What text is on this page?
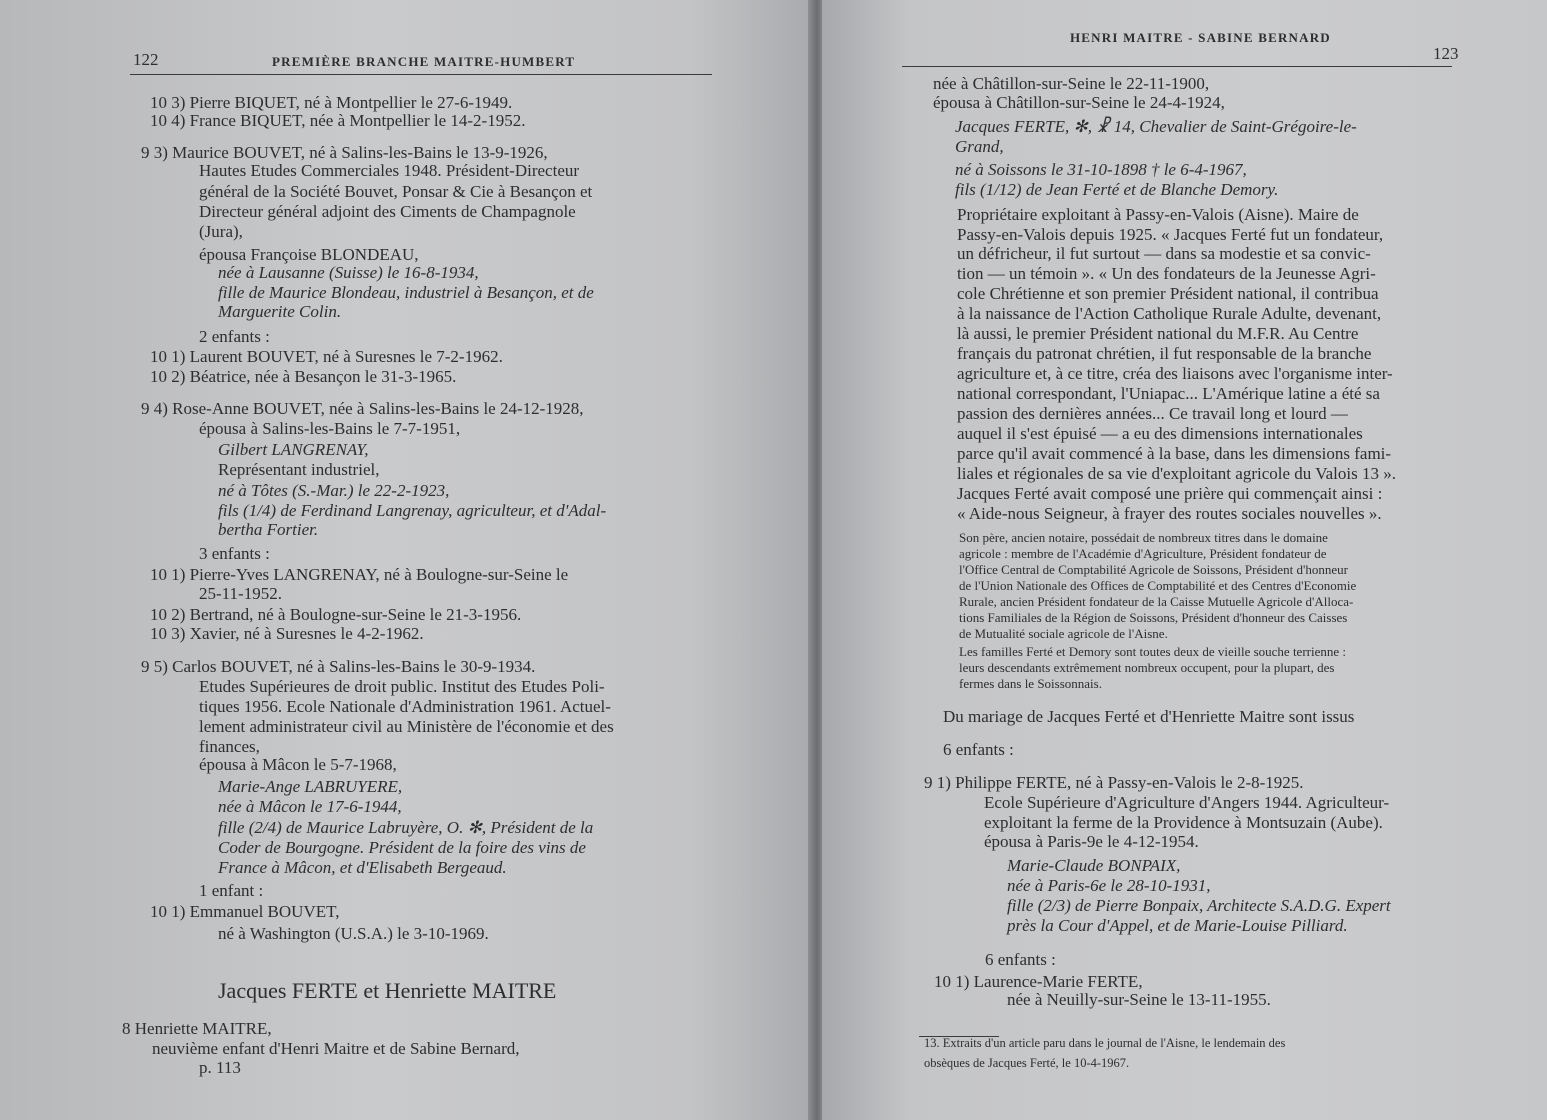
122	PREMIÈRE BRANCHE MAITRE-HUMBERT
10 3) Pierre BIQUET, né à Montpellier le 27-6-1949.
10 4) France BIQUET, née à Montpellier le 14-2-1952.
9 3) Maurice BOUVET, né à Salins-les-Bains le 13-9-1926,
Hautes Etudes Commerciales 1948. Président-Directeur
général de la Société Bouvet, Ponsar & Cie à Besançon et
Directeur général adjoint des Ciments de Champagnole
(Jura),
épousa Françoise BLONDEAU,
née à Lausanne (Suisse) le 16-8-1934,
fille de Maurice Blondeau, industriel à Besançon, et de
Marguerite Colin.
2 enfants :
10 1) Laurent BOUVET, né à Suresnes le 7-2-1962.
10 2) Béatrice, née à Besançon le 31-3-1965.
9 4) Rose-Anne BOUVET, née à Salins-les-Bains le 24-12-1928,
épousa à Salins-les-Bains le 7-7-1951,
Gilbert LANGRENAY,
Représentant industriel,
né à Tôtes (S.-Mar.) le 22-2-1923,
fils (1/4) de Ferdinand Langrenay, agriculteur, et d'Adal-
bertha Fortier.
3 enfants :
10 1) Pierre-Yves LANGRENAY, né à Boulogne-sur-Seine le
25-11-1952.
10 2) Bertrand, né à Boulogne-sur-Seine le 21-3-1956.
10 3) Xavier, né à Suresnes le 4-2-1962.
9 5) Carlos BOUVET, né à Salins-les-Bains le 30-9-1934.
Etudes Supérieures de droit public. Institut des Etudes Poli-
tiques 1956. Ecole Nationale d'Administration 1961. Actuel-
lement administrateur civil au Ministère de l'économie et des
finances,
épousa à Mâcon le 5-7-1968,
Marie-Ange LABRUYERE,
née à Mâcon le 17-6-1944,
fille (2/4) de Maurice Labruyère, O. ✻, Président de la
Coder de Bourgogne. Président de la foire des vins de
France à Mâcon, et d'Elisabeth Bergeaud.
1 enfant :
10 1) Emmanuel BOUVET,
né à Washington (U.S.A.) le 3-10-1969.
Jacques FERTE et Henriette MAITRE
8 Henriette MAITRE,
neuvième enfant d'Henri Maitre et de Sabine Bernard,
p. 113
HENRI MAITRE - SABINE BERNARD
123
née à Châtillon-sur-Seine le 22-11-1900,
épousa à Châtillon-sur-Seine le 24-4-1924,
Jacques FERTE, ✻, ☧ 14, Chevalier de Saint-Grégoire-le-
Grand,
né à Soissons le 31-10-1898 † le 6-4-1967,
fils (1/12) de Jean Ferté et de Blanche Demory.
Propriétaire exploitant à Passy-en-Valois (Aisne). Maire de
Passy-en-Valois depuis 1925. « Jacques Ferté fut un fondateur,
un défricheur, il fut surtout — dans sa modestie et sa convic-
tion — un témoin ». « Un des fondateurs de la Jeunesse Agri-
cole Chrétienne et son premier Président national, il contribua
à la naissance de l'Action Catholique Rurale Adulte, devenant,
là aussi, le premier Président national du M.F.R. Au Centre
français du patronat chrétien, il fut responsable de la branche
agriculture et, à ce titre, créa des liaisons avec l'organisme inter-
national correspondant, l'Uniapac... L'Amérique latine a été sa
passion des dernières années... Ce travail long et lourd —
auquel il s'est épuisé — a eu des dimensions internationales
parce qu'il avait commencé à la base, dans les dimensions fami-
liales et régionales de sa vie d'exploitant agricole du Valois 13 ».
Jacques Ferté avait composé une prière qui commençait ainsi :
« Aide-nous Seigneur, à frayer des routes sociales nouvelles ».
Son père, ancien notaire, possédait de nombreux titres dans le domaine
agricole : membre de l'Académie d'Agriculture, Président fondateur de
l'Office Central de Comptabilité Agricole de Soissons, Président d'honneur
de l'Union Nationale des Offices de Comptabilité et des Centres d'Economie
Rurale, ancien Président fondateur de la Caisse Mutuelle Agricole d'Alloca-
tions Familiales de la Région de Soissons, Président d'honneur des Caisses
de Mutualité sociale agricole de l'Aisne.
Les familles Ferté et Demory sont toutes deux de vieille souche terrienne :
leurs descendants extrêmement nombreux occupent, pour la plupart, des
fermes dans le Soissonnais.
Du mariage de Jacques Ferté et d'Henriette Maitre sont issus
6 enfants :
9 1) Philippe FERTE, né à Passy-en-Valois le 2-8-1925.
Ecole Supérieure d'Agriculture d'Angers 1944. Agriculteur-
exploitant la ferme de la Providence à Montsuzain (Aube).
épousa à Paris-9e le 4-12-1954.
Marie-Claude BONPAIX,
née à Paris-6e le 28-10-1931,
fille (2/3) de Pierre Bonpaix, Architecte S.A.D.G. Expert
près la Cour d'Appel, et de Marie-Louise Pilliard.
6 enfants :
10 1) Laurence-Marie FERTE,
née à Neuilly-sur-Seine le 13-11-1955.
13. Extraits d'un article paru dans le journal de l'Aisne, le lendemain des
obsèques de Jacques Ferté, le 10-4-1967.
